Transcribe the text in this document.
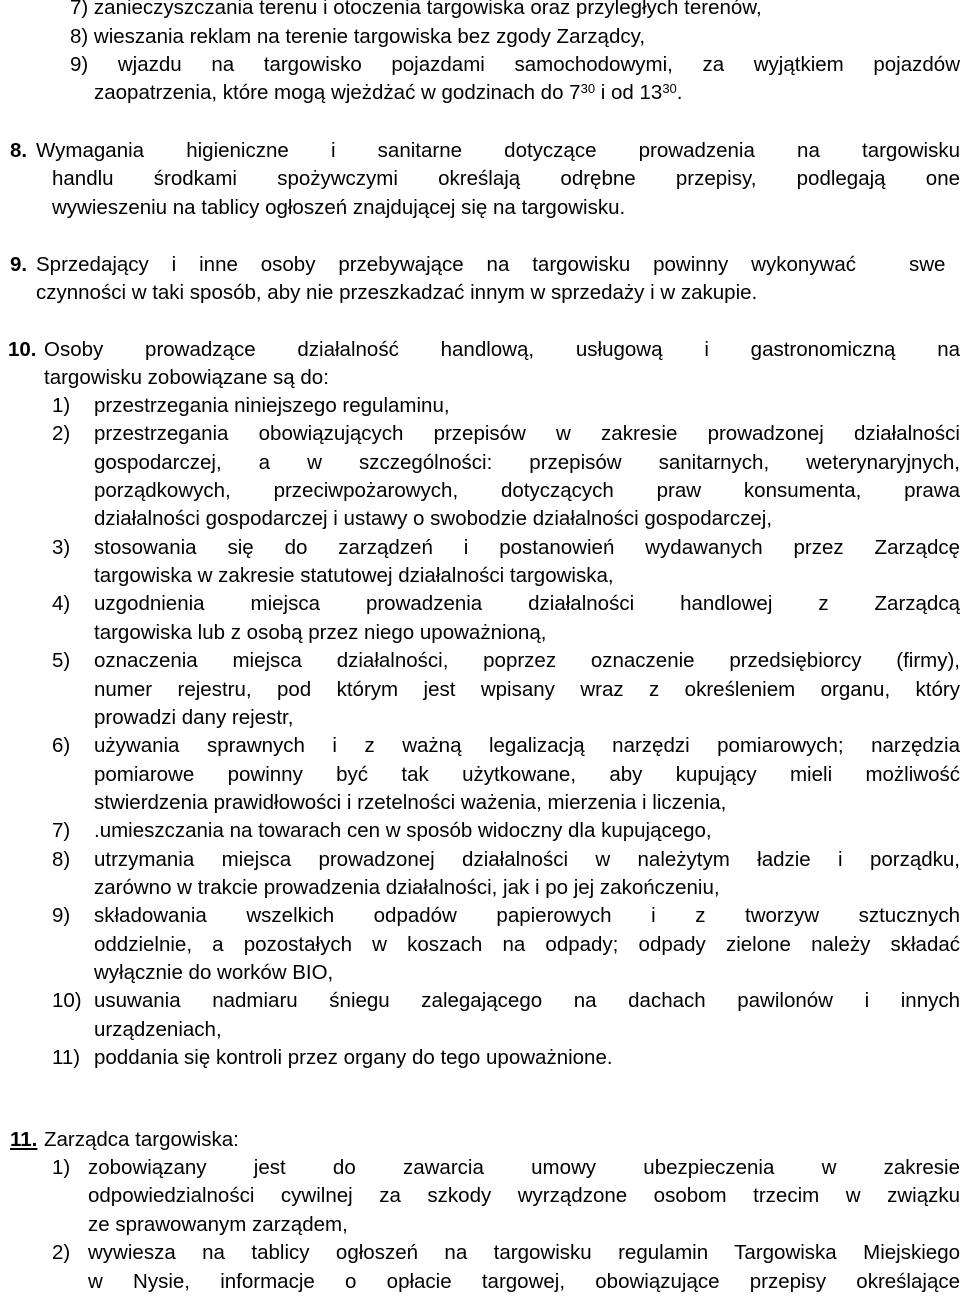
7) zanieczyszczania terenu i otoczenia targowiska oraz przyległych terenów,
8) wieszania reklam na terenie targowiska bez zgody Zarządcy,
9) wjazdu na targowisko pojazdami samochodowymi, za wyjątkiem pojazdów
zaopatrzenia, które mogą wjeżdżać w godzinach do $7^{30}$ i od $13^{30}$.
8. Wymagania higieniczne i sanitarne dotyczące prowadzenia na targowisku
handlu środkami spożywczymi określają odrębne przepisy, podlegają one
wywieszeniu na tablicy ogłoszeń znajdującej się na targowisku.
9. Sprzedający i inne osoby przebywające na targowisku powinny wykonywać	swe
czynności w taki sposób, aby nie przeszkadzać innym w sprzedaży i w zakupie.
10. Osoby prowadzące działalność handlową, usługową i gastronomiczną na
targowisku zobowiązane są do:
1) przestrzegania niniejszego regulaminu,
2) przestrzegania obowiązujących przepisów w zakresie prowadzonej działalności
gospodarczej, a w szczególności: przepisów sanitarnych, weterynaryjnych,
porządkowych, przeciwpożarowych, dotyczących praw konsumenta, prawa
działalności gospodarczej i ustawy o swobodzie działalności gospodarczej,
3) stosowania się do zarządzeń i postanowień wydawanych przez Zarządcę
targowiska w zakresie statutowej działalności targowiska,
4) uzgodnienia miejsca prowadzenia działalności handlowej z Zarządcą
targowiska lub z osobą przez niego upoważnioną,
5) oznaczenia miejsca działalności, poprzez oznaczenie przedsiębiorcy (firmy),
numer rejestru, pod którym jest wpisany wraz z określeniem organu, który
prowadzi dany rejestr,
6) używania sprawnych i z ważną legalizacją narzędzi pomiarowych; narzędzia
pomiarowe powinny być tak użytkowane, aby kupujący mieli możliwość
stwierdzenia prawidłowości i rzetelności ważenia, mierzenia i liczenia,
7) .umieszczania na towarach cen w sposób widoczny dla kupującego,
8) utrzymania miejsca prowadzonej działalności w należytym ładzie i porządku,
zarówno w trakcie prowadzenia działalności, jak i po jej zakończeniu,
9) składowania wszelkich odpadów papierowych i z tworzyw sztucznych
oddzielnie, a pozostałych w koszach na odpady; odpady zielone należy składać
wyłącznie do worków BIO,
10) usuwania nadmiaru śniegu zalegającego na dachach pawilonów i innych
urządzeniach,
11) poddania się kontroli przez organy do tego upoważnione.
11. Zarządca targowiska:
1) zobowiązany jest do zawarcia umowy ubezpieczenia w zakresie
odpowiedzialności cywilnej za szkody wyrządzone osobom trzecim w związku
ze sprawowanym zarządem,
2) wywiesza na tablicy ogłoszeń na targowisku regulamin Targowiska Miejskiego
w Nysie, informacje o opłacie targowej, obowiązujące przepisy określające
